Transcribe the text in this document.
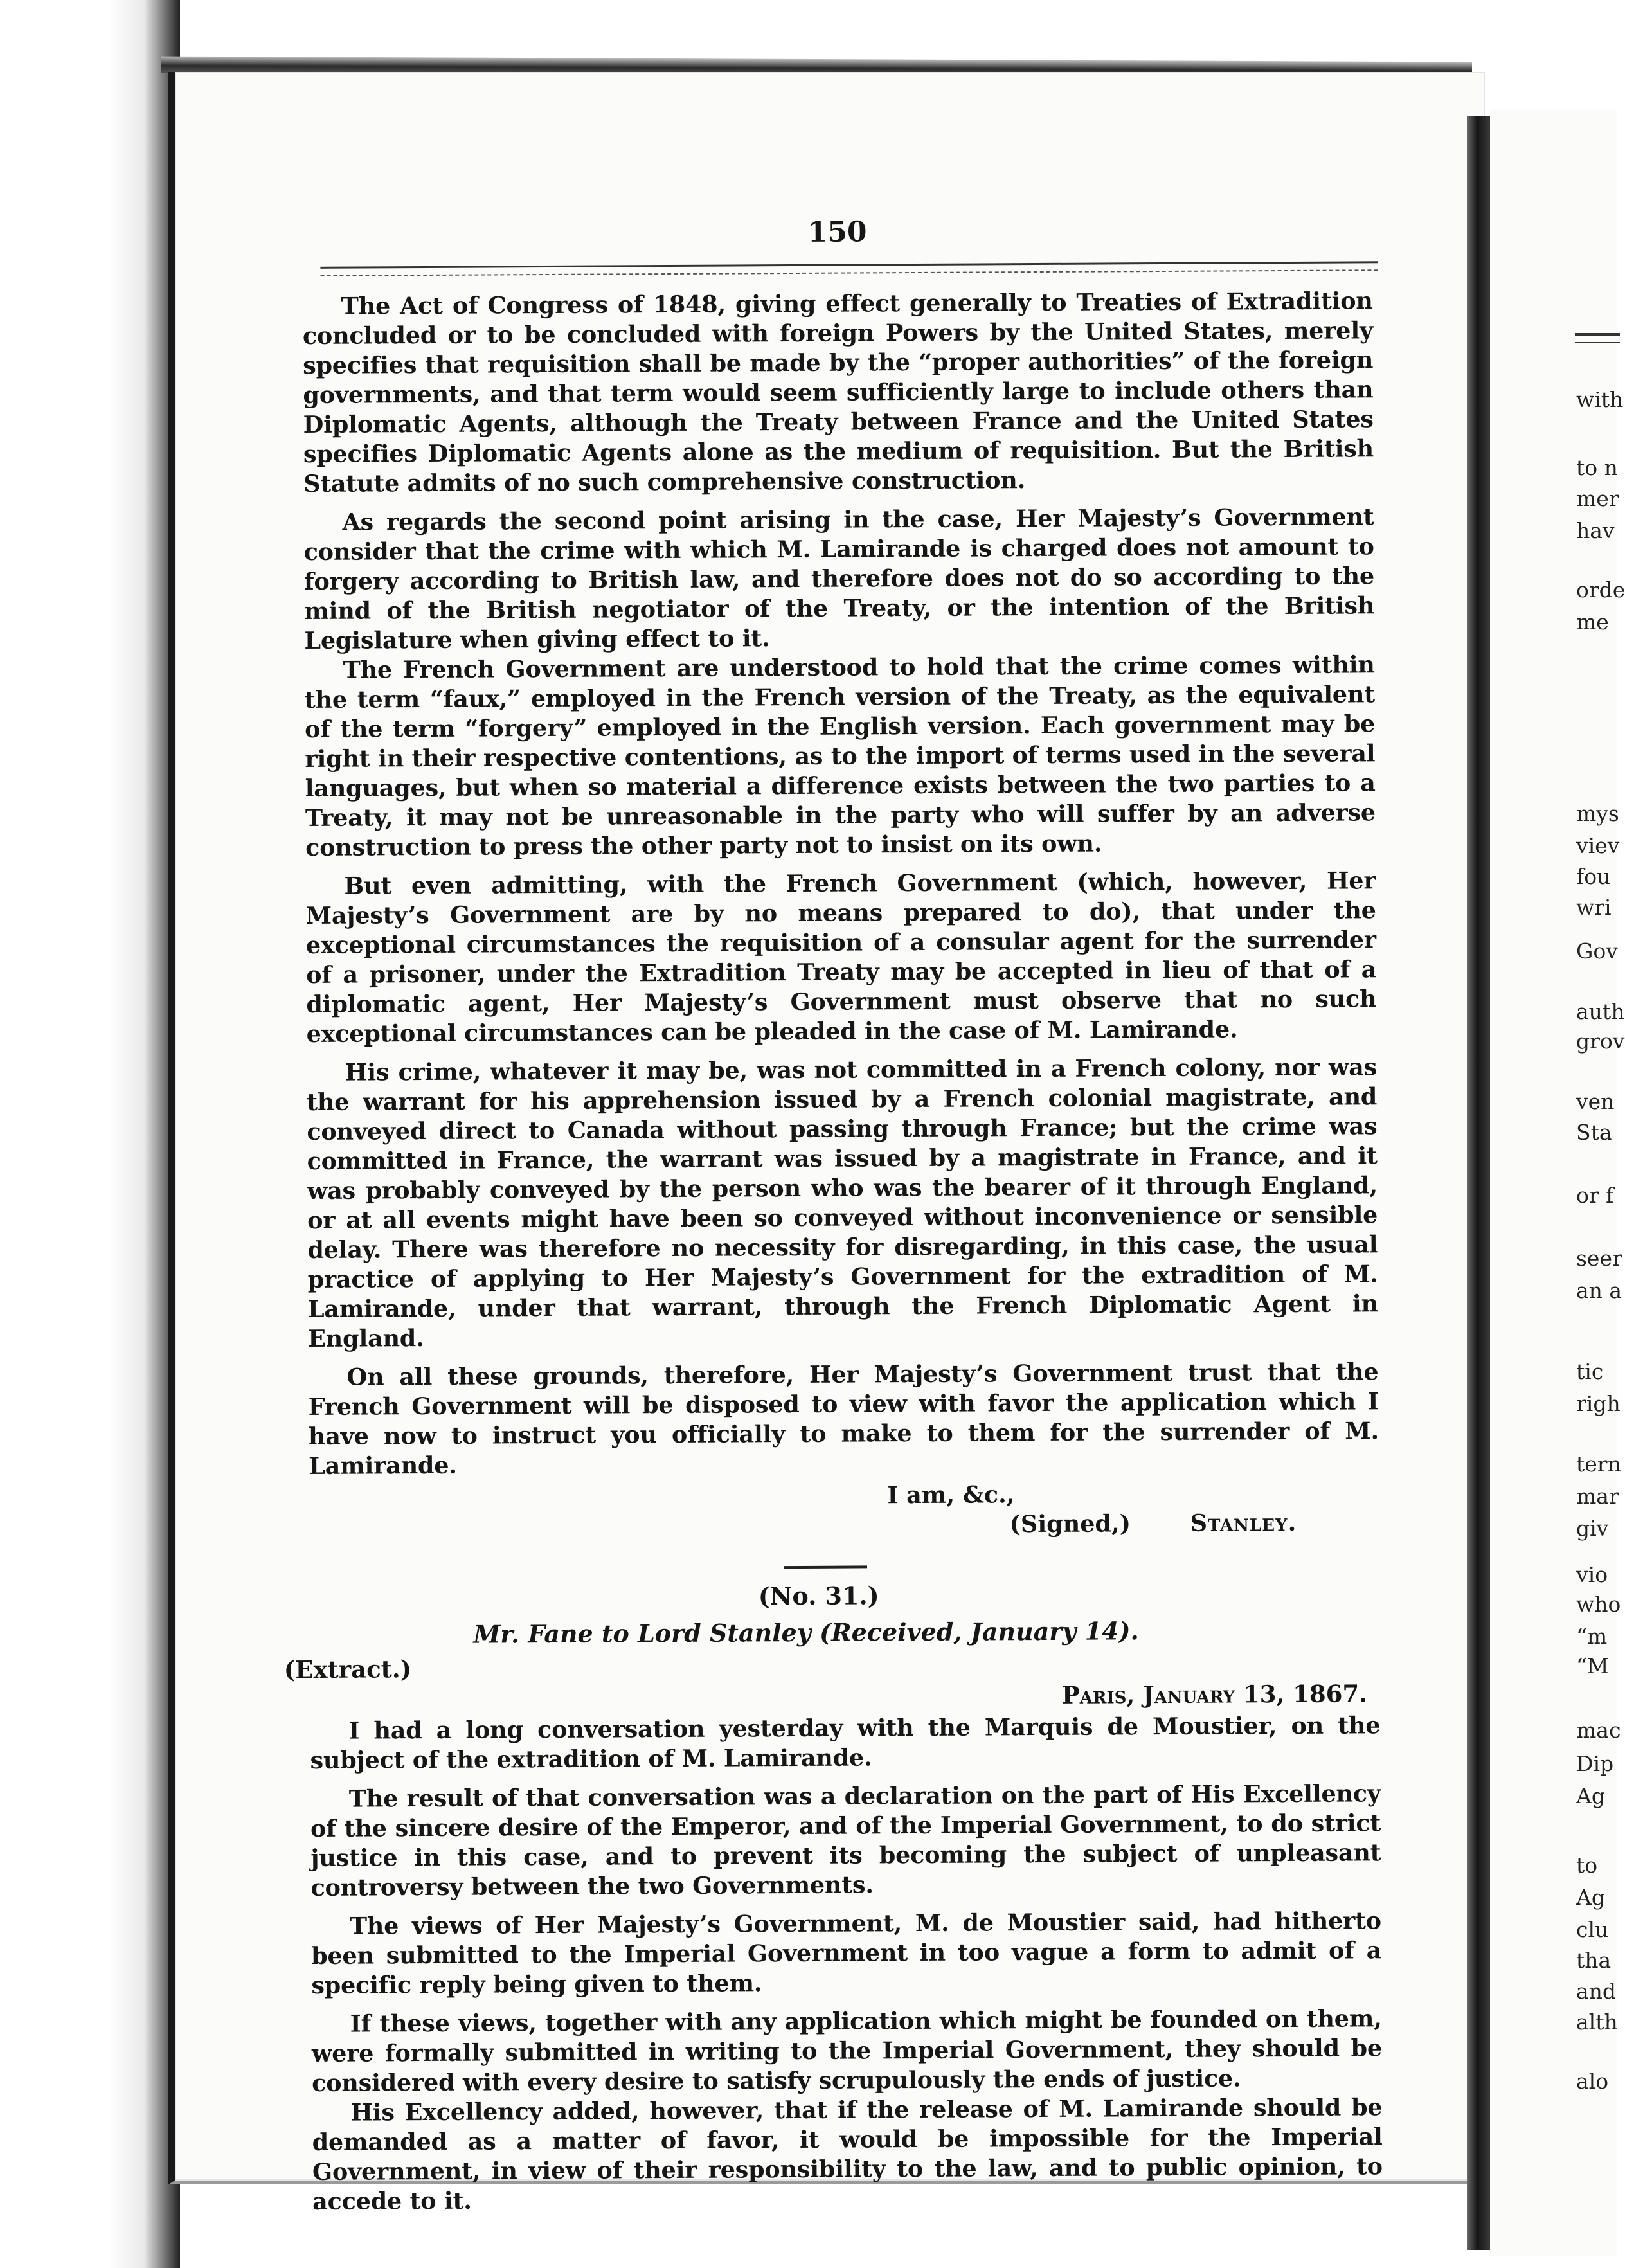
with
to n
mer
hav
orde
me
mys
viev
fou
wri
Gov
auth
grov
ven
Sta
or f
seer
an a
tic
righ
tern
mar
giv
vio
who
“m
“M
mac
Dip
Ag
to
Ag
clu
tha
and
alth
alo
150

The Act of Congress of 1848, giving effect generally to Treaties of Extradition concluded or to be concluded with foreign Powers by the United States, merely specifies that requisition shall be made by the “proper authorities” of the foreign governments, and that term would seem sufficiently large to include others than Diplomatic Agents, although the Treaty between France and the United States specifies Diplomatic Agents alone as the medium of requisition. But the British Statute admits of no such comprehensive construction.

As regards the second point arising in the case, Her Majesty’s Government consider that the crime with which M. Lamirande is charged does not amount to forgery according to British law, and therefore does not do so according to the mind of the British negotiator of the Treaty, or the intention of the British Legislature when giving effect to it.

The French Government are understood to hold that the crime comes within the term “faux,” employed in the French version of the Treaty, as the equivalent of the term “forgery” employed in the English version. Each government may be right in their respective contentions, as to the import of terms used in the several languages, but when so material a difference exists between the two parties to a Treaty, it may not be unreasonable in the party who will suffer by an adverse construction to press the other party not to insist on its own.

But even admitting, with the French Government (which, however, Her Majesty’s Government are by no means prepared to do), that under the exceptional circumstances the requisition of a consular agent for the surrender of a prisoner, under the Extradition Treaty may be accepted in lieu of that of a diplomatic agent, Her Majesty’s Government must observe that no such exceptional circumstances can be pleaded in the case of M. Lamirande.

His crime, whatever it may be, was not committed in a French colony, nor was the warrant for his apprehension issued by a French colonial magistrate, and conveyed direct to Canada without passing through France; but the crime was committed in France, the warrant was issued by a magistrate in France, and it was probably conveyed by the person who was the bearer of it through England, or at all events might have been so conveyed without inconvenience or sensible delay. There was therefore no necessity for disregarding, in this case, the usual practice of applying to Her Majesty’s Government for the extradition of M. Lamirande, under that warrant, through the French Diplomatic Agent in England.

On all these grounds, therefore, Her Majesty’s Government trust that the French Government will be disposed to view with favor the application which I have now to instruct you officially to make to them for the surrender of M. Lamirande.

I am, &c.,
(Signed,)	Stanley.
(No. 31.)
Mr. Fane to Lord Stanley (Received, January 14).
(Extract.)
Paris, January 13, 1867.

I had a long conversation yesterday with the Marquis de Moustier, on the subject of the extradition of M. Lamirande.

The result of that conversation was a declaration on the part of His Excellency of the sincere desire of the Emperor, and of the Imperial Government, to do strict justice in this case, and to prevent its becoming the subject of unpleasant controversy between the two Governments.

The views of Her Majesty’s Government, M. de Moustier said, had hitherto been submitted to the Imperial Government in too vague a form to admit of a specific reply being given to them.

If these views, together with any application which might be founded on them, were formally submitted in writing to the Imperial Government, they should be considered with every desire to satisfy scrupulously the ends of justice.

His Excellency added, however, that if the release of M. Lamirande should be demanded as a matter of favor, it would be impossible for the Imperial Government, in view of their responsibility to the law, and to public opinion, to accede to it.
